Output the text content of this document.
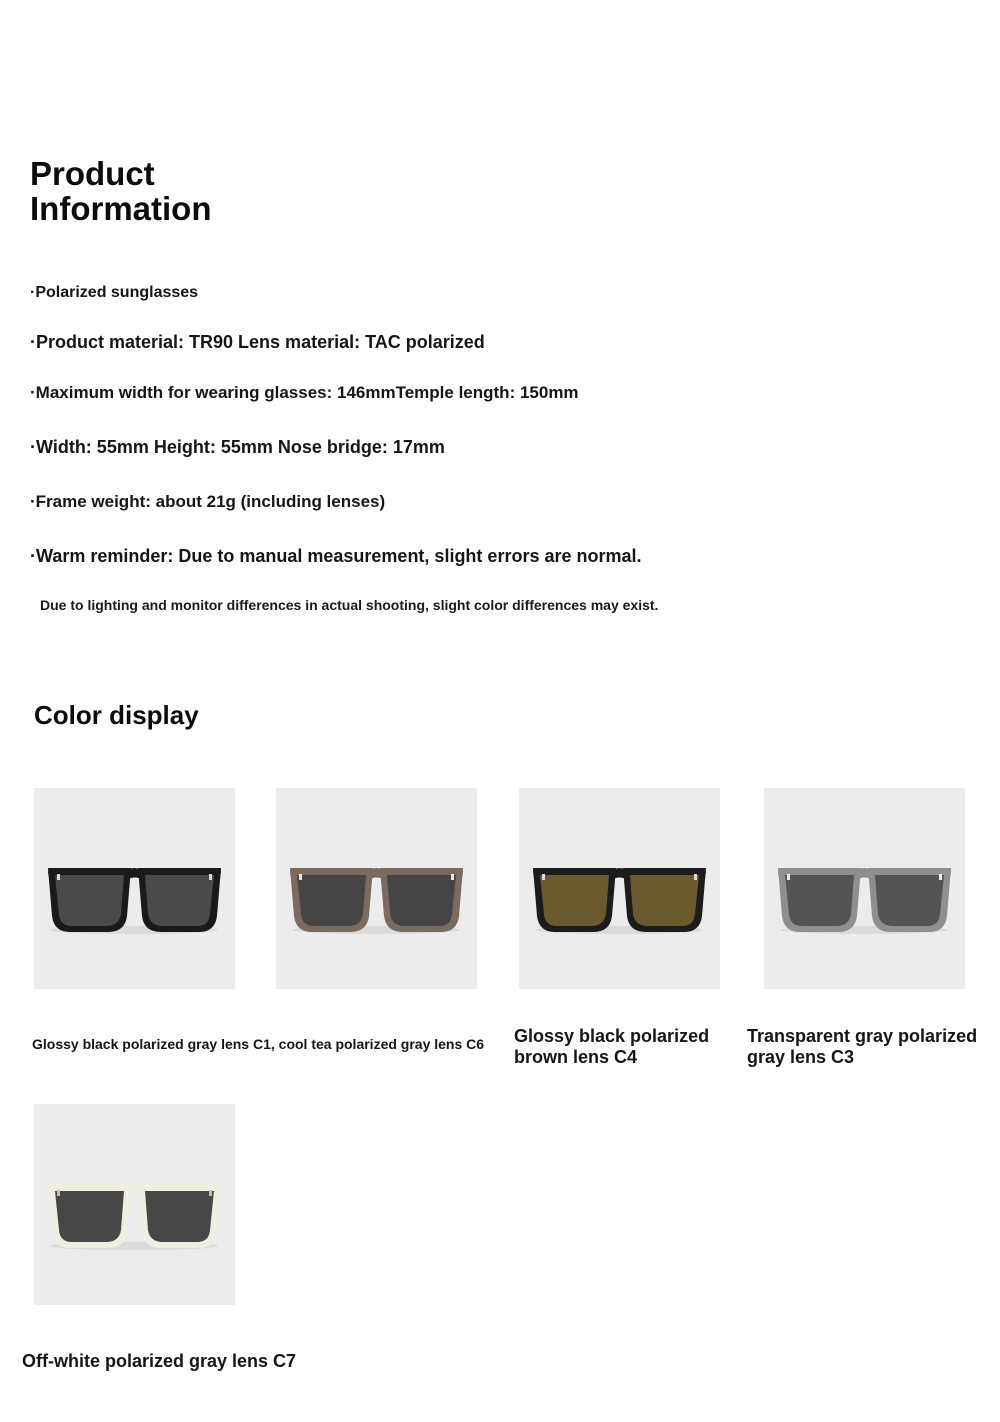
Product
Information
·Polarized sunglasses
·Product material: TR90 Lens material: TAC polarized
·Maximum width for wearing glasses: 146mmTemple length: 150mm
·Width: 55mm Height: 55mm Nose bridge: 17mm
·Frame weight: about 21g (including lenses)
·Warm reminder: Due to manual measurement, slight errors are normal.
Due to lighting and monitor differences in actual shooting, slight color differences may exist.
Color display
Glossy black polarized gray lens C1, cool tea polarized gray lens C6 Glossy black polarized brown lens C4
Transparent gray polarized gray lens C3
Off-white polarized gray lens C7
